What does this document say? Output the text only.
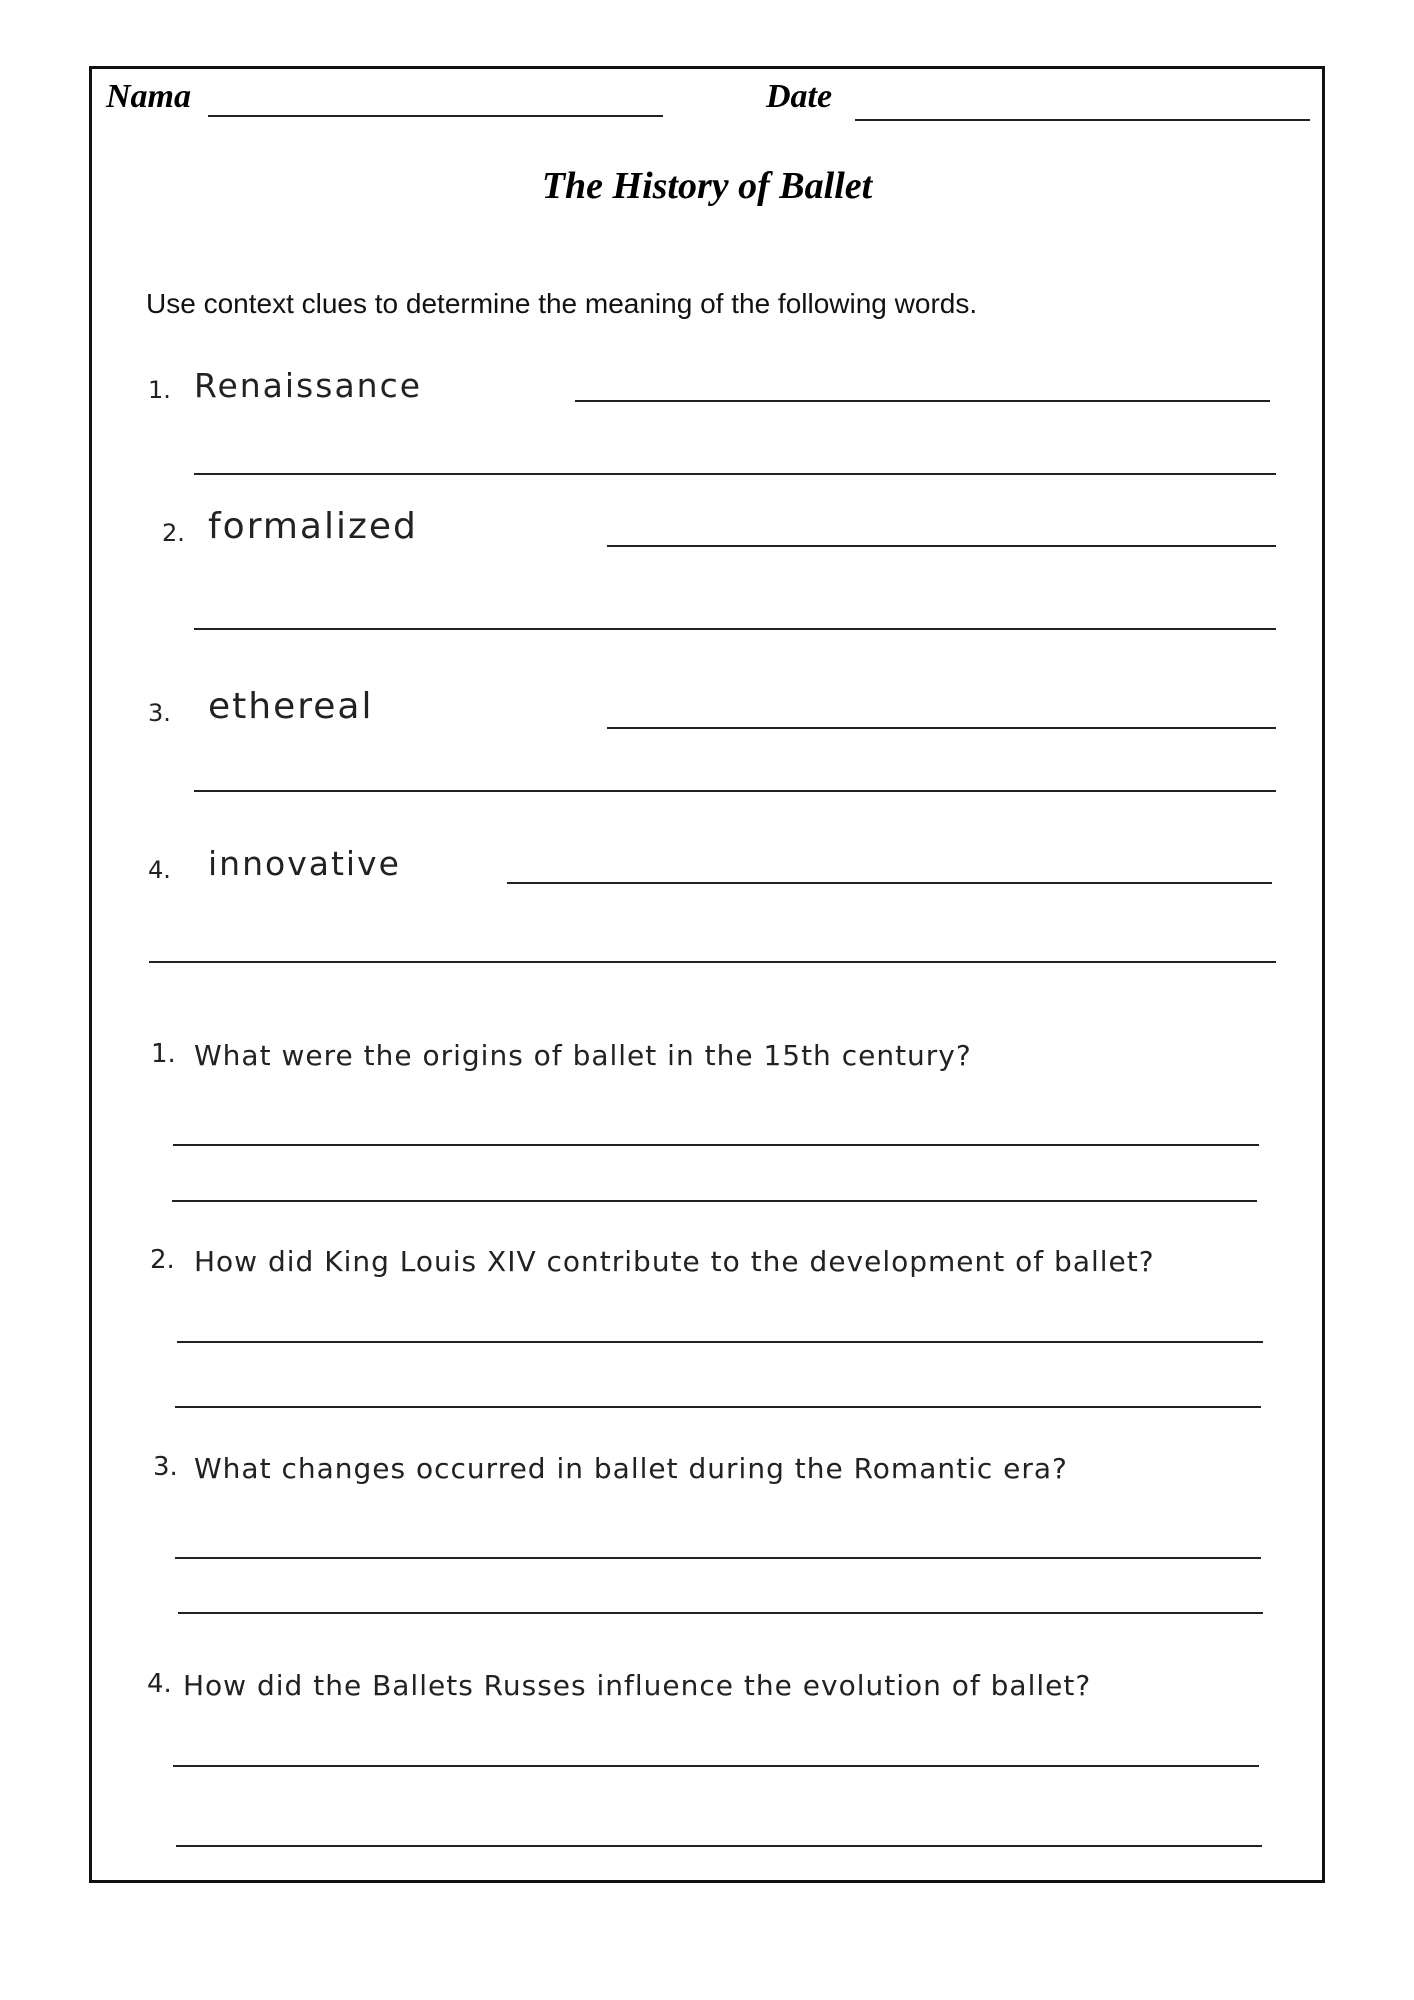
Nama	Date
The History of Ballet
Use context clues to determine the meaning of the following words.
1. Renaissance
2. formalized
3. ethereal
4. innovative
1. What were the origins of ballet in the 15th century?
2. How did King Louis XIV contribute to the development of ballet?
3. What changes occurred in ballet during the Romantic era?
4. How did the Ballets Russes influence the evolution of ballet?
